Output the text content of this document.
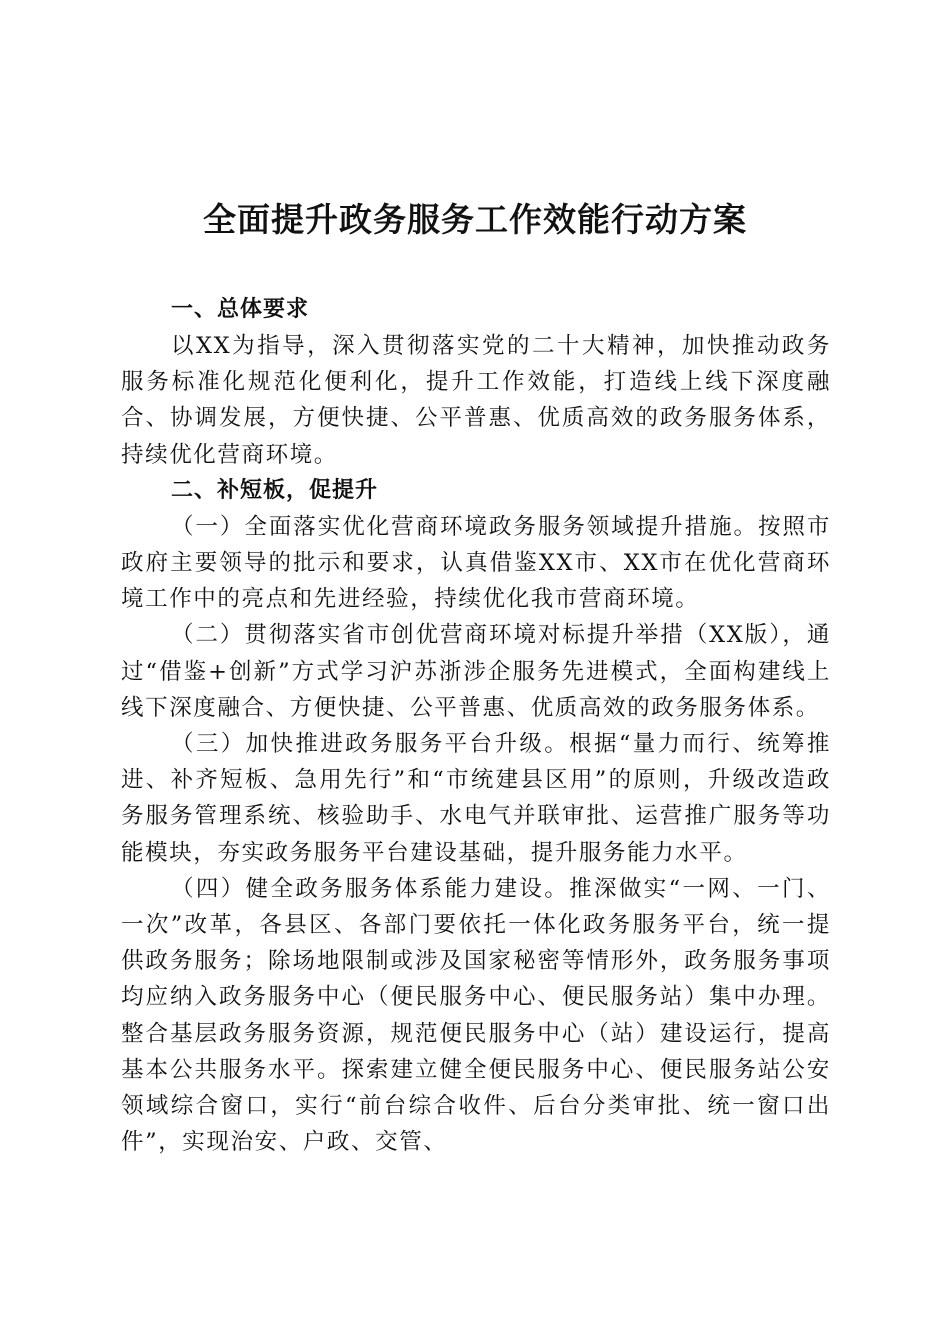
全面提升政务服务工作效能行动方案
一、总体要求

以XX为指导，深入贯彻落实党的二十大精神，加快推动政务服务标准化规范化便利化，提升工作效能，打造线上线下深度融合、协调发展，方便快捷、公平普惠、优质高效的政务服务体系，持续优化营商环境。

二、补短板，促提升

（一）全面落实优化营商环境政务服务领域提升措施。按照市政府主要领导的批示和要求，认真借鉴XX市、XX市在优化营商环境工作中的亮点和先进经验，持续优化我市营商环境。

（二）贯彻落实省市创优营商环境对标提升举措（XX版），通过“借鉴+创新”方式学习沪苏浙涉企服务先进模式，全面构建线上线下深度融合、方便快捷、公平普惠、优质高效的政务服务体系。

（三）加快推进政务服务平台升级。根据“量力而行、统筹推进、补齐短板、急用先行”和“市统建县区用”的原则，升级改造政务服务管理系统、核验助手、水电气并联审批、运营推广服务等功能模块，夯实政务服务平台建设基础，提升服务能力水平。

（四）健全政务服务体系能力建设。推深做实“一网、一门、一次”改革，各县区、各部门要依托一体化政务服务平台，统一提供政务服务；除场地限制或涉及国家秘密等情形外，政务服务事项均应纳入政务服务中心（便民服务中心、便民服务站）集中办理。整合基层政务服务资源，规范便民服务中心（站）建设运行，提高基本公共服务水平。探索建立健全便民服务中心、便民服务站公安领域综合窗口，实行“前台综合收件、后台分类审批、统一窗口出件”，实现治安、户政、交管、
